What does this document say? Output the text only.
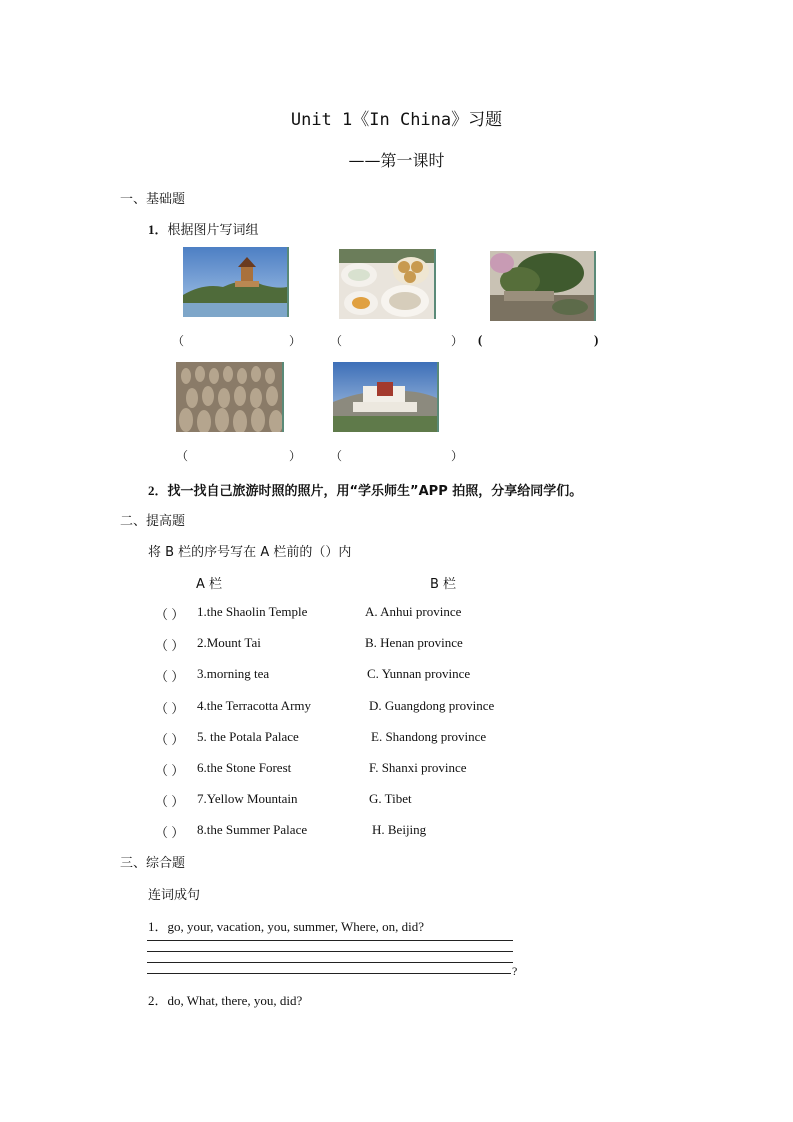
Unit 1《In China》习题
——第一课时
一、基础题
1．根据图片写词组
（	） （	） (	)
（	） （	）
2．找一找自己旅游时照的照片，用“学乐师生”APP 拍照，分享给同学们。
二、提高题
将 B 栏的序号写在 A 栏前的（）内
A 栏	B 栏
（ ） 1.the Shaolin Temple	A. Anhui province
（ ） 2.Mount Tai	B. Henan province
（ ） 3.morning tea	C. Yunnan province
（ ） 4.the Terracotta Army	D. Guangdong province
（ ） 5. the Potala Palace	E. Shandong province
（ ） 6.the Stone Forest	F. Shanxi province
（ ） 7.Yellow Mountain	G. Tibet
（ ） 8.the Summer Palace	H. Beijing
三、综合题
连词成句
1．go, your, vacation, you, summer, Where, on, did?
?
2．do, What, there, you, did?
